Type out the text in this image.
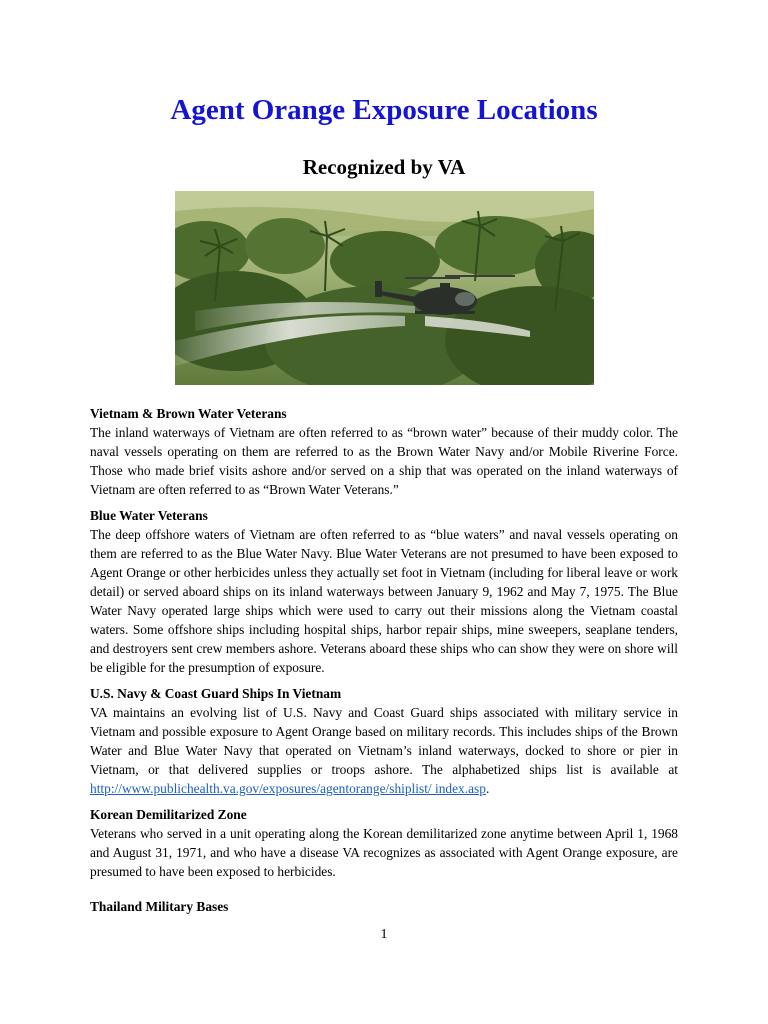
Agent Orange Exposure Locations
Recognized by VA
Vietnam & Brown Water Veterans

The inland waterways of Vietnam are often referred to as “brown water” because of their muddy color. The naval vessels operating on them are referred to as the Brown Water Navy and/or Mobile Riverine Force. Those who made brief visits ashore and/or served on a ship that was operated on the inland waterways of Vietnam are often referred to as “Brown Water Veterans.”

Blue Water Veterans

The deep offshore waters of Vietnam are often referred to as “blue waters” and naval vessels operating on them are referred to as the Blue Water Navy. Blue Water Veterans are not presumed to have been exposed to Agent Orange or other herbicides unless they actually set foot in Vietnam (including for liberal leave or work detail) or served aboard ships on its inland waterways between January 9, 1962 and May 7, 1975. The Blue Water Navy operated large ships which were used to carry out their missions along the Vietnam coastal waters. Some offshore ships including hospital ships, harbor repair ships, mine sweepers, seaplane tenders, and destroyers sent crew members ashore. Veterans aboard these ships who can show they were on shore will be eligible for the presumption of exposure.

U.S. Navy & Coast Guard Ships In Vietnam

VA maintains an evolving list of U.S. Navy and Coast Guard ships associated with military service in Vietnam and possible exposure to Agent Orange based on military records. This includes ships of the Brown Water and Blue Water Navy that operated on Vietnam’s inland waterways, docked to shore or pier in Vietnam, or that delivered supplies or troops ashore. The alphabetized ships list is available at http://www.publichealth.va.gov/exposures/agentorange/shiplist/ index.asp.

Korean Demilitarized Zone

Veterans who served in a unit operating along the Korean demilitarized zone anytime between April 1, 1968 and August 31, 1971, and who have a disease VA recognizes as associated with Agent Orange exposure, are presumed to have been exposed to herbicides.

Thailand Military Bases
1
